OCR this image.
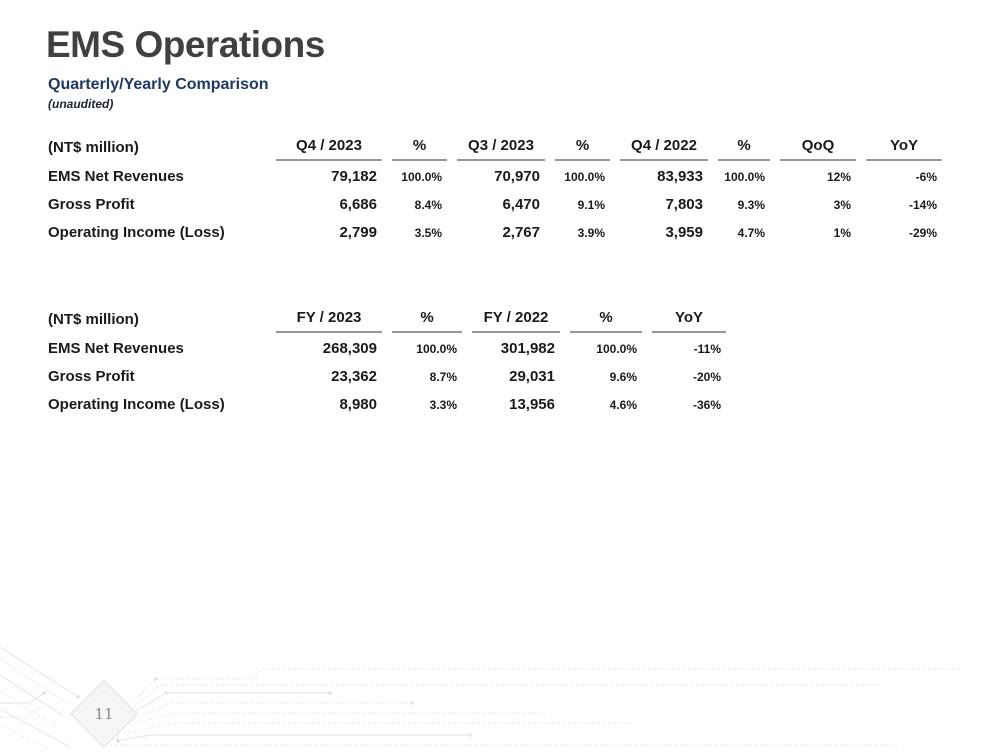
EMS Operations
Quarterly/Yearly Comparison
(unaudited)
(NT$ million)	Q4 / 2023	%	Q3 / 2023	%	Q4 / 2022	%	QoQ	YoY
EMS Net Revenues	79,182	100.0%	70,970	100.0%	83,933	100.0%	12%	-6%
Gross Profit	6,686	8.4%	6,470	9.1%	7,803	9.3%	3%	-14%
Operating Income (Loss)	2,799	3.5%	2,767	3.9%	3,959	4.7%	1%	-29%
(NT$ million)	FY / 2023	%	FY / 2022	%	YoY
EMS Net Revenues	268,309	100.0%	301,982	100.0%	-11%
Gross Profit	23,362	8.7%	29,031	9.6%	-20%
Operating Income (Loss)	8,980	3.3%	13,956	4.6%	-36%
11
